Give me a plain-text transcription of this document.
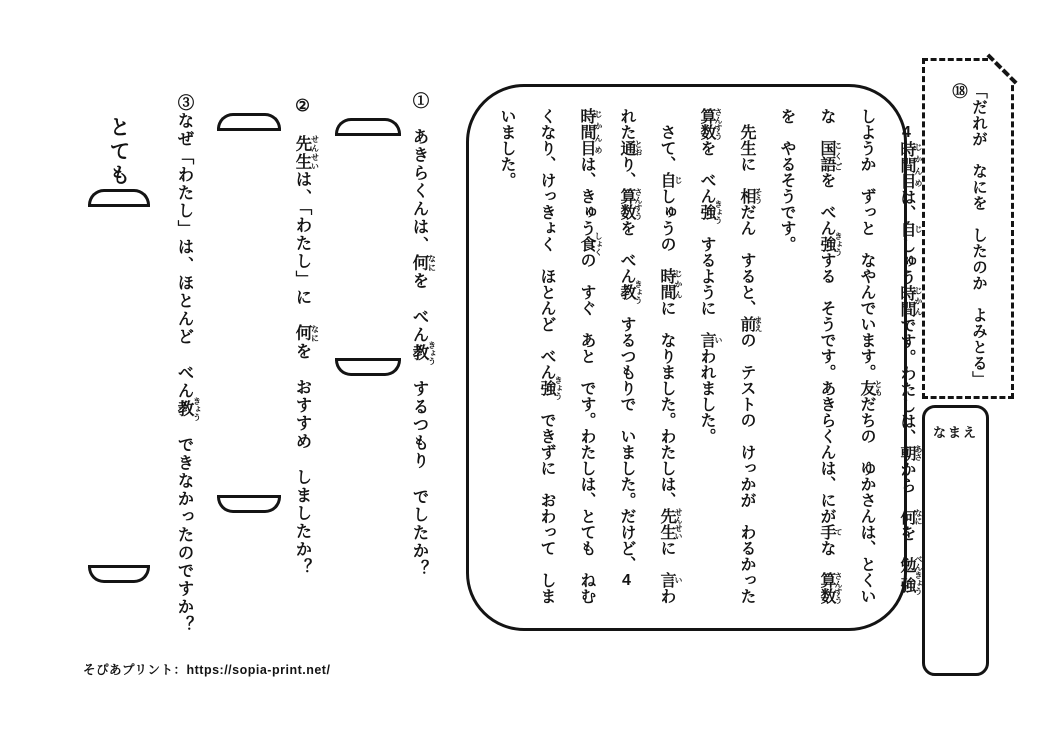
「だれが　なにを　したのか　よみとる」⑱
なまえ

　4時間目 じかんめは、自 じしゅう時間 じかんです。わたしは、朝 あさから　何 なにを　勉強 べんきょうしようか　ずっと　なやんでいます。友 ともだちの　ゆかさんは、とくいな　国語 こくごを　べん強 きょうする　そうです。あきらくんは、にが手 てな　算数 さんすうを　やるそうです。

　先生に　相 そうだん　すると、前 まえの　テストの　けっかが　わるかった算数 さんすうを　べん強 きょう　するように　言 いわれました。

　さて、自 じしゅうの　時間 じかんに　なりました。わたしは、先生 せんせいに　言 いわれた通 とおり、算数 さんすうを　べん教 きょう　するつもりで　いました。だけど、4時間目 じかんめは、きゅう食 しょくの　すぐ　あと　です。わたしは、とても　ねむくなり、けっきょく　ほとんど　べん強 きょう　できずに　おわって　しまいました。

①　あきらくんは、何 なにを　べん教 きょう　するつもり　でしたか？
②　先生 せんせいは、「わたし」に　何 なにを　おすすめ　しましたか？
③なぜ「わたし」は、ほとんど　べん教 きょう　できなかったのですか？
とても
そぴあプリント：https://sopia-print.net/
